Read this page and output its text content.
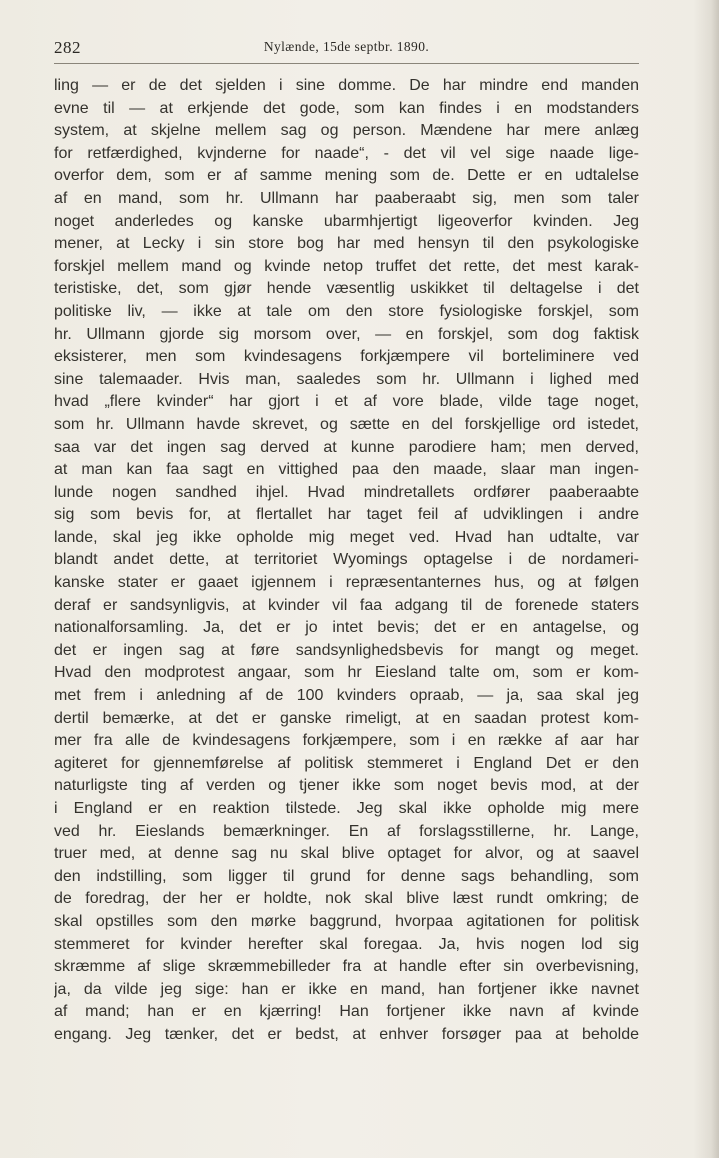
282	Nylænde, 15de septbr. 1890.
ling — er de det sjelden i sine domme. De har mindre end manden
evne til — at erkjende det gode, som kan findes i en modstanders
system, at skjelne mellem sag og person. Mændene har mere anlæg
for retfærdighed, kvjnderne for naade“, - det vil vel sige naade lige-
overfor dem, som er af samme mening som de. Dette er en udtalelse
af en mand, som hr. Ullmann har paaberaabt sig, men som taler
noget anderledes og kanske ubarmhjertigt ligeoverfor kvinden. Jeg
mener, at Lecky i sin store bog har med hensyn til den psykologiske
forskjel mellem mand og kvinde netop truffet det rette, det mest karak-
teristiske, det, som gjør hende væsentlig uskikket til deltagelse i det
politiske liv, — ikke at tale om den store fysiologiske forskjel, som
hr. Ullmann gjorde sig morsom over, — en forskjel, som dog faktisk
eksisterer, men som kvindesagens forkjæmpere vil borteliminere ved
sine talemaader. Hvis man, saaledes som hr. Ullmann i lighed med
hvad „flere kvinder“ har gjort i et af vore blade, vilde tage noget,
som hr. Ullmann havde skrevet, og sætte en del forskjellige ord istedet,
saa var det ingen sag derved at kunne parodiere ham; men derved,
at man kan faa sagt en vittighed paa den maade, slaar man ingen-
lunde nogen sandhed ihjel. Hvad mindretallets ordfører paaberaabte
sig som bevis for, at flertallet har taget feil af udviklingen i andre
lande, skal jeg ikke opholde mig meget ved. Hvad han udtalte, var
blandt andet dette, at territoriet Wyomings optagelse i de nordameri-
kanske stater er gaaet igjennem i repræsentanternes hus, og at følgen
deraf er sandsynligvis, at kvinder vil faa adgang til de forenede staters
nationalforsamling. Ja, det er jo intet bevis; det er en antagelse, og
det er ingen sag at føre sandsynlighedsbevis for mangt og meget.
Hvad den modprotest angaar, som hr Eiesland talte om, som er kom-
met frem i anledning af de 100 kvinders opraab, — ja, saa skal jeg
dertil bemærke, at det er ganske rimeligt, at en saadan protest kom-
mer fra alle de kvindesagens forkjæmpere, som i en række af aar har
agiteret for gjennemførelse af politisk stemmeret i England Det er den
naturligste ting af verden og tjener ikke som noget bevis mod, at der
i England er en reaktion tilstede. Jeg skal ikke opholde mig mere
ved hr. Eieslands bemærkninger. En af forslagsstillerne, hr. Lange,
truer med, at denne sag nu skal blive optaget for alvor, og at saavel
den indstilling, som ligger til grund for denne sags behandling, som
de foredrag, der her er holdte, nok skal blive læst rundt omkring; de
skal opstilles som den mørke baggrund, hvorpaa agitationen for politisk
stemmeret for kvinder herefter skal foregaa. Ja, hvis nogen lod sig
skræmme af slige skræmmebilleder fra at handle efter sin overbevisning,
ja, da vilde jeg sige: han er ikke en mand, han fortjener ikke navnet
af mand; han er en kjærring! Han fortjener ikke navn af kvinde
engang. Jeg tænker, det er bedst, at enhver forsøger paa at beholde
